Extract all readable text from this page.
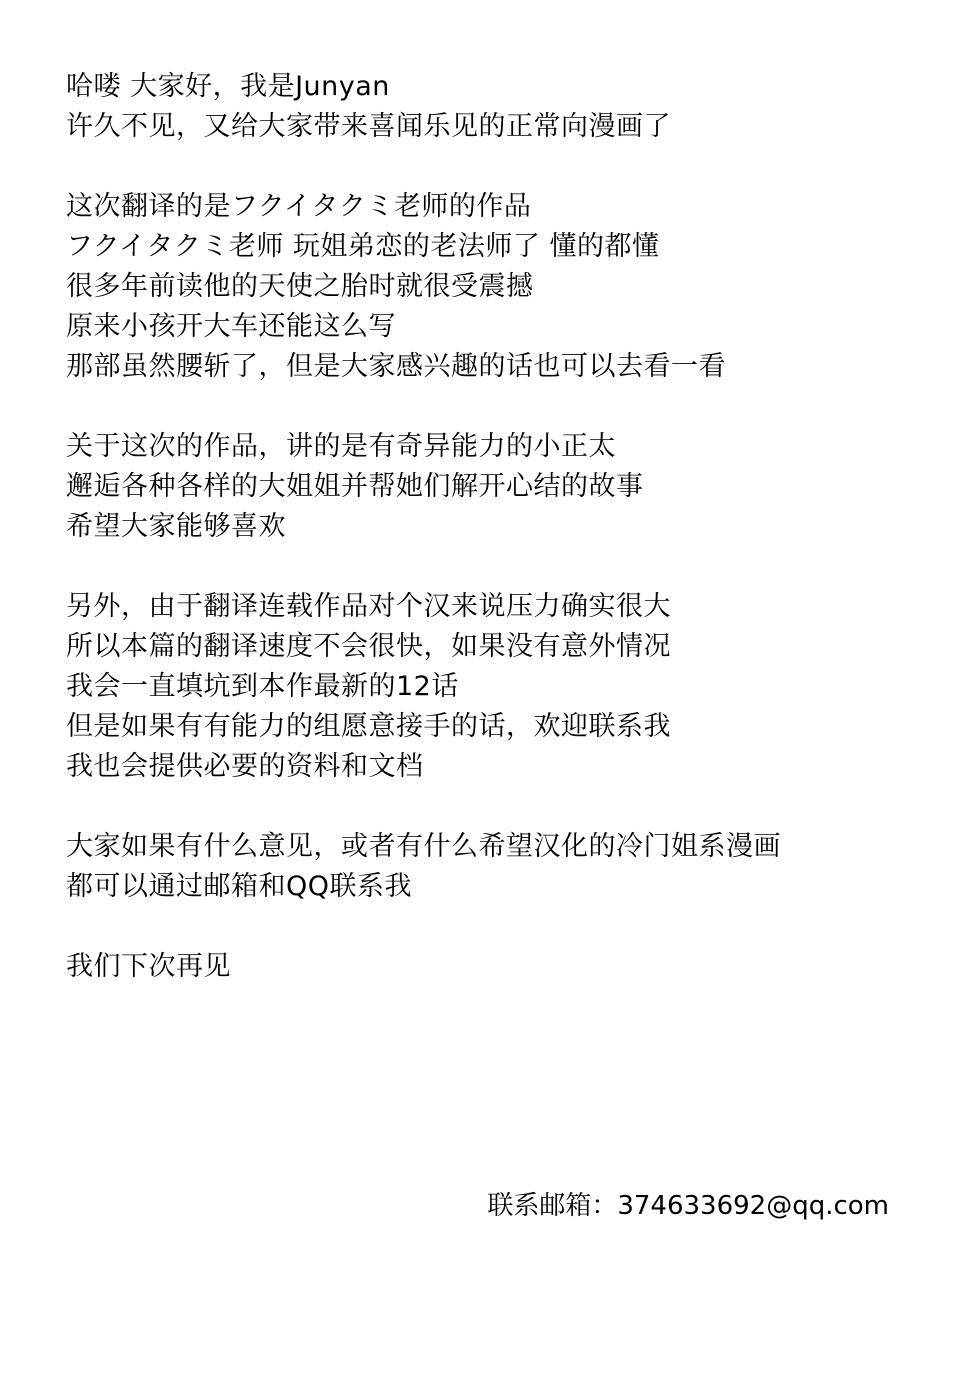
哈喽 大家好，我是Junyan
许久不见，又给大家带来喜闻乐见的正常向漫画了
这次翻译的是フクイタクミ老师的作品
フクイタクミ老师 玩姐弟恋的老法师了 懂的都懂
很多年前读他的天使之胎时就很受震撼
原来小孩开大车还能这么写
那部虽然腰斩了，但是大家感兴趣的话也可以去看一看
关于这次的作品，讲的是有奇异能力的小正太
邂逅各种各样的大姐姐并帮她们解开心结的故事
希望大家能够喜欢
另外，由于翻译连载作品对个汉来说压力确实很大
所以本篇的翻译速度不会很快，如果没有意外情况
我会一直填坑到本作最新的12话
但是如果有有能力的组愿意接手的话，欢迎联系我
我也会提供必要的资料和文档
大家如果有什么意见，或者有什么希望汉化的冷门姐系漫画
都可以通过邮箱和QQ联系我
我们下次再见
联系邮箱：374633692@qq.com
